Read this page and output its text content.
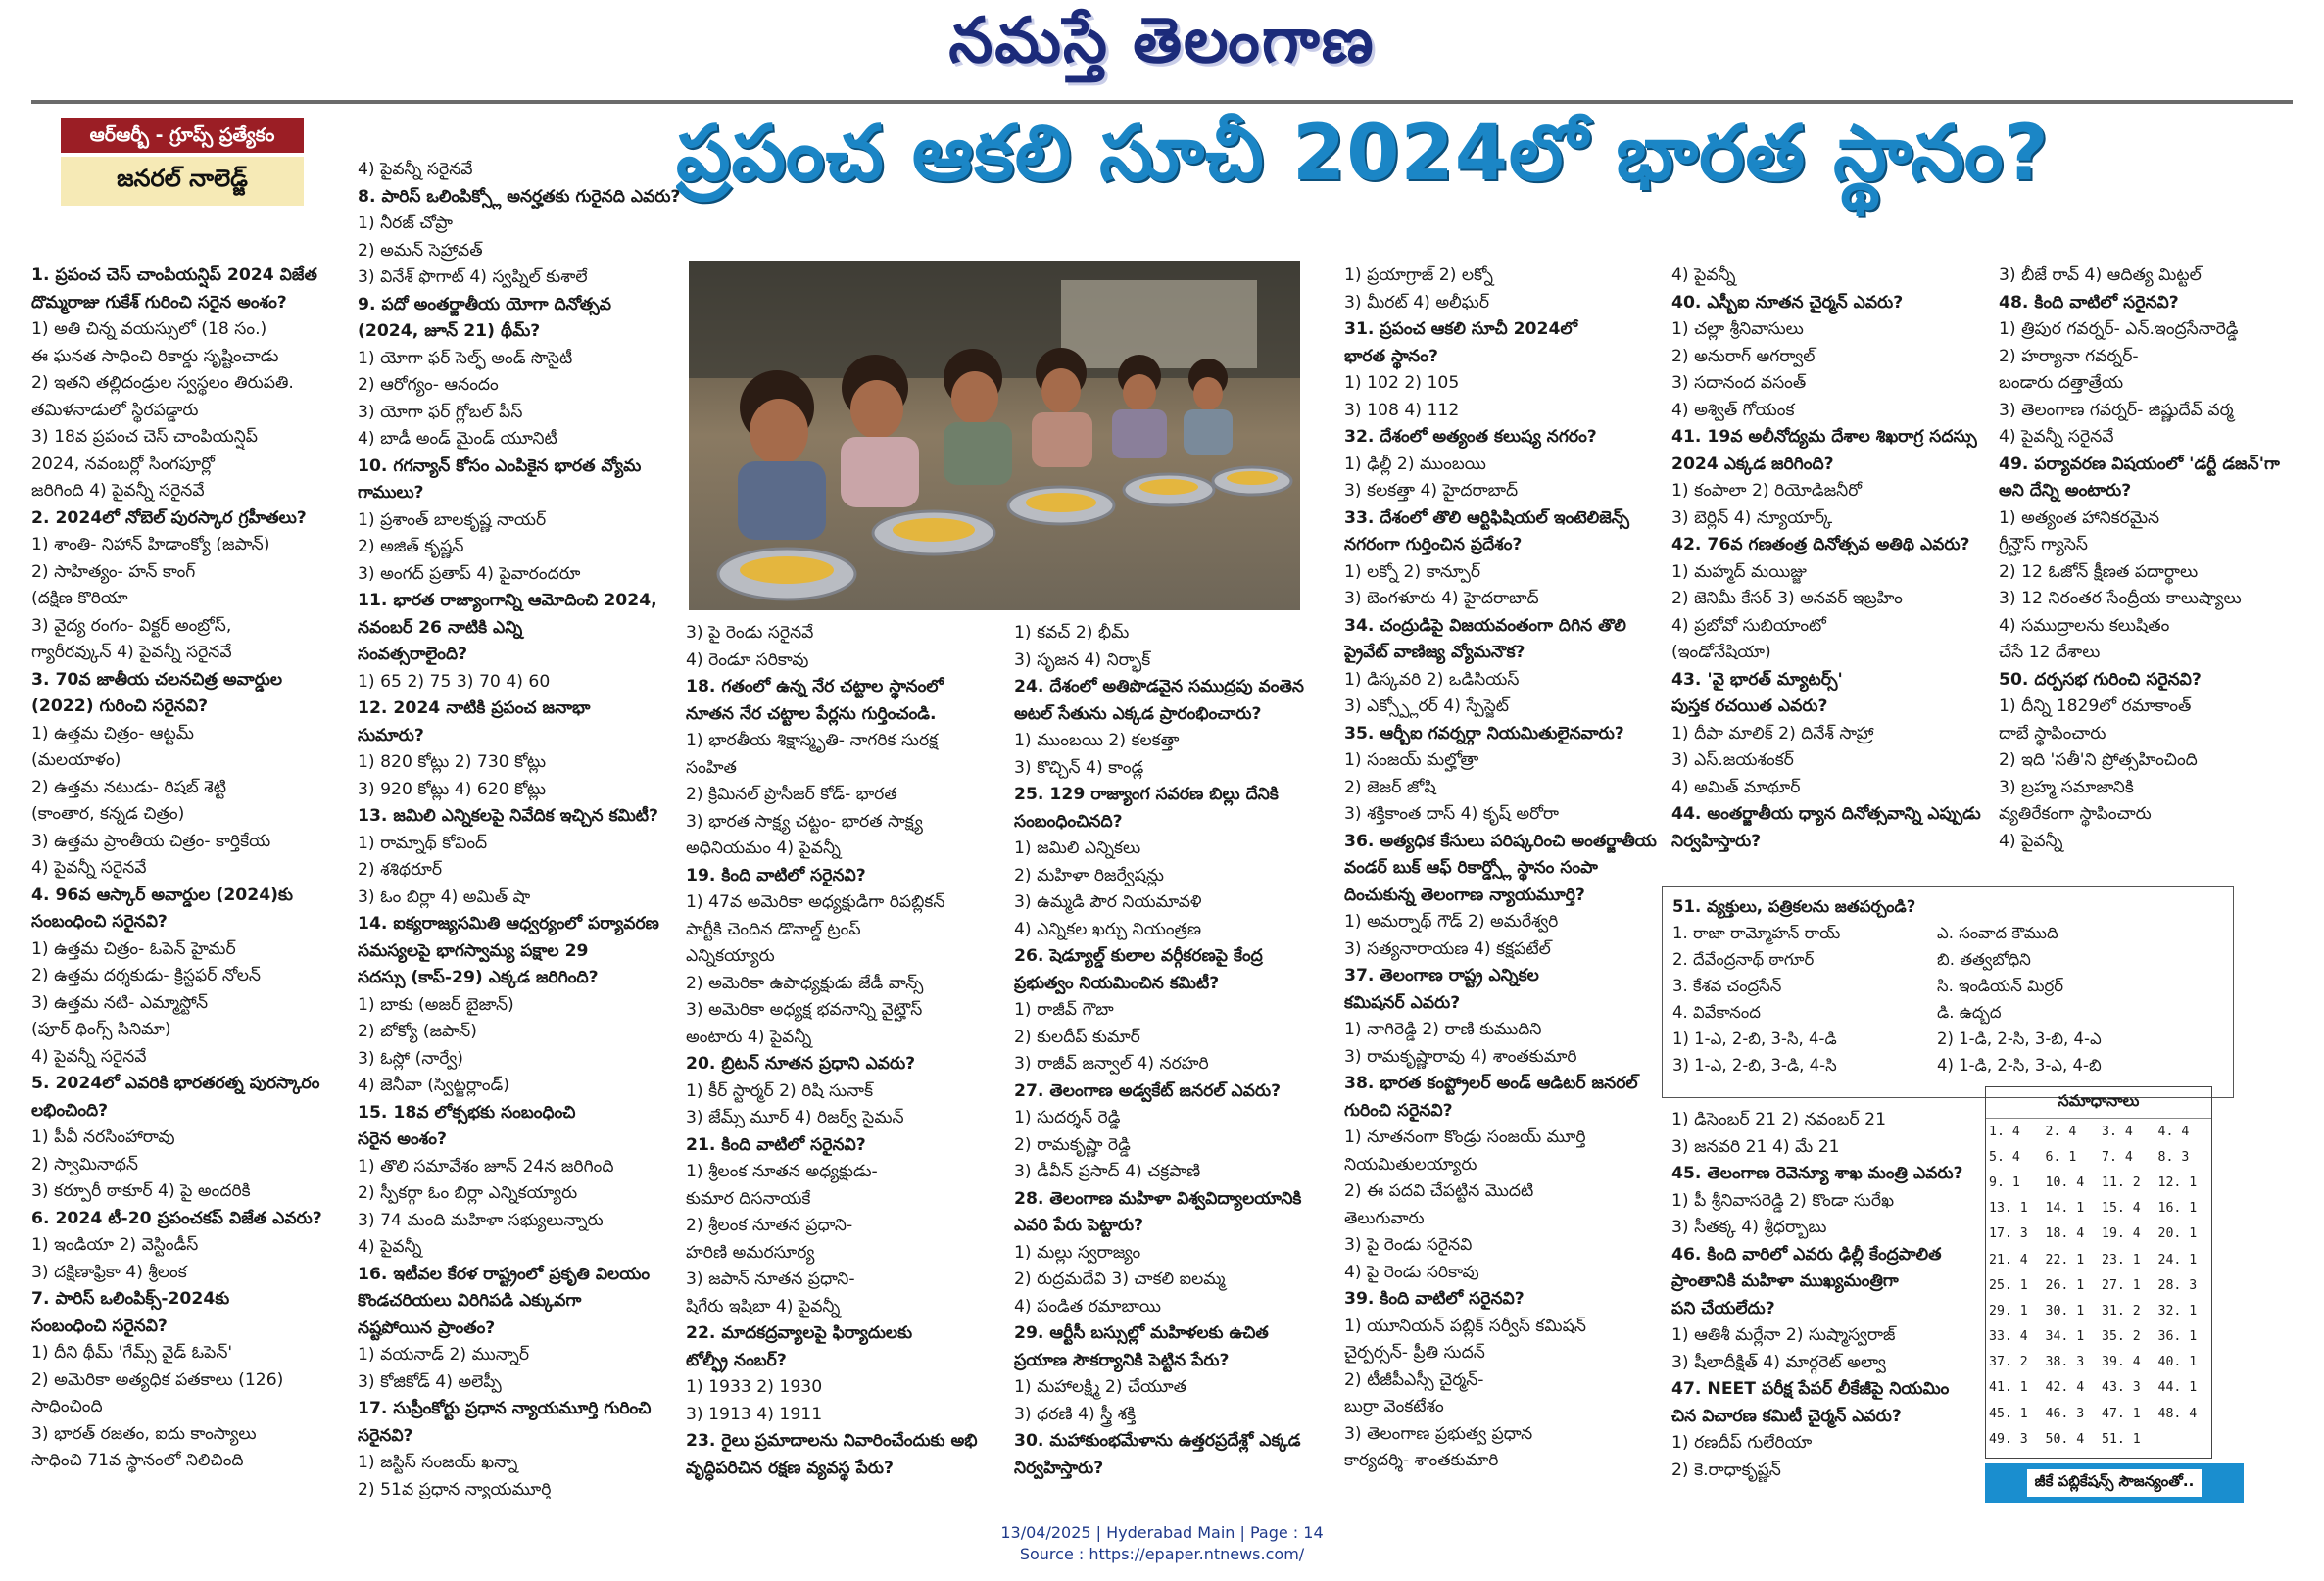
నమస్తే తెలంగాణ
ఆర్ఆర్బీ - గ్రూప్స్ ప్రత్యేకం
జనరల్ నాలెడ్జ్	ప్రపంచ ఆకలి సూచీ 2024లో భారత స్థానం?

1. ప్రపంచ చెస్ చాంపియన్షిప్ 2024 విజేత

దొమ్మరాజు గుకేశ్ గురించి సరైన అంశం?

1) అతి చిన్న వయస్సులో (18 సం.)

ఈ ఘనత సాధించి రికార్డు సృష్టించాడు

2) ఇతని తల్లిదండ్రుల స్వస్థలం తిరుపతి.

తమిళనాడులో స్థిరపడ్డారు

3) 18వ ప్రపంచ చెస్ చాంపియన్షిప్

2024, నవంబర్లో సింగపూర్లో

జరిగింది 4) పైవన్నీ సరైనవే

2. 2024లో నోబెల్ పురస్కార గ్రహీతలు?

1) శాంతి- నిహాన్ హిడాంక్యో (జపాన్)

2) సాహిత్యం- హన్ కాంగ్

(దక్షిణ కొరియా

3) వైద్య రంగం- విక్టర్ అంబ్రోస్,

గ్యారీరవ్కున్ 4) పైవన్నీ సరైనవే

3. 70వ జాతీయ చలనచిత్ర అవార్డుల

(2022) గురించి సరైనవి?

1) ఉత్తమ చిత్రం- ఆట్టమ్

(మలయాళం)

2) ఉత్తమ నటుడు- రిషబ్ శెట్టి

(కాంతార, కన్నడ చిత్రం)

3) ఉత్తమ ప్రాంతీయ చిత్రం- కార్తికేయ

4) పైవన్నీ సరైనవే

4. 96వ ఆస్కార్ అవార్డుల (2024)కు

సంబంధించి సరైనవి?

1) ఉత్తమ చిత్రం- ఓపెన్ హైమర్

2) ఉత్తమ దర్శకుడు- క్రిస్టఫర్ నోలన్

3) ఉత్తమ నటి- ఎమ్మాస్టోన్

(పూర్ థింగ్స్ సినిమా)

4) పైవన్నీ సరైనవే

5. 2024లో ఎవరికి భారతరత్న పురస్కారం

లభించింది?

1) పీవీ నరసింహారావు

2) స్వామినాథన్

3) కర్పూరీ ఠాకూర్ 4) పై అందరికి

6. 2024 టీ-20 ప్రపంచకప్ విజేత ఎవరు?

1) ఇండియా 2) వెస్టిండీస్

3) దక్షిణాఫ్రికా 4) శ్రీలంక

7. పారిస్ ఒలింపిక్స్-2024కు

సంబంధించి సరైనవి?

1) దీని థీమ్ 'గేమ్స్ వైడ్ ఓపెన్'

2) అమెరికా అత్యధిక పతకాలు (126)

సాధించింది

3) భారత్ రజతం, ఐదు కాంస్యాలు

సాధించి 71వ స్థానంలో నిలిచింది

4) పైవన్నీ సరైనవే

8. పారిస్ ఒలింపిక్స్లో అనర్హతకు గురైనది ఎవరు?

1) నీరజ్ చోప్రా

2) అమన్ సెహ్రావత్

3) వినేశ్ ఫొగాట్ 4) స్వప్నిల్ కుశాలే

9. పదో అంతర్జాతీయ యోగా దినోత్సవ

(2024, జూన్ 21) థీమ్?

1) యోగా ఫర్ సెల్ఫ్ అండ్ సొసైటీ

2) ఆరోగ్యం- ఆనందం

3) యోగా ఫర్ గ్లోబల్ పీస్

4) బాడీ అండ్ మైండ్ యూనిటీ

10. గగన్యాన్ కోసం ఎంపికైన భారత వ్యోమ

గాములు?

1) ప్రశాంత్ బాలకృష్ణ నాయర్

2) అజిత్ కృష్ణన్

3) అంగద్ ప్రతాప్ 4) పైవారందరూ

11. భారత రాజ్యాంగాన్ని ఆమోదించి 2024,

నవంబర్ 26 నాటికి ఎన్ని

సంవత్సరాలైంది?

1) 65 2) 75 3) 70 4) 60

12. 2024 నాటికి ప్రపంచ జనాభా

సుమారు?

1) 820 కోట్లు 2) 730 కోట్లు

3) 920 కోట్లు 4) 620 కోట్లు

13. జమిలి ఎన్నికలపై నివేదిక ఇచ్చిన కమిటీ?

1) రామ్నాథ్ కోవింద్

2) శశిథరూర్

3) ఓం బిర్లా 4) అమిత్ షా

14. ఐక్యరాజ్యసమితి ఆధ్వర్యంలో పర్యావరణ

సమస్యలపై భాగస్వామ్య పక్షాల 29

సదస్సు (కాప్-29) ఎక్కడ జరిగింది?

1) బాకు (అజర్ బైజాన్)

2) బోక్యో (జపాన్)

3) ఓస్లో (నార్వే)

4) జెనీవా (స్విట్జర్లాండ్)

15. 18వ లోక్సభకు సంబంధించి

సరైన అంశం?

1) తొలి సమావేశం జూన్ 24న జరిగింది

2) స్పీకర్గా ఓం బిర్లా ఎన్నికయ్యారు

3) 74 మంది మహిళా సభ్యులున్నారు

4) పైవన్నీ

16. ఇటీవల కేరళ రాష్ట్రంలో ప్రకృతి విలయం

కొండచరియలు విరిగిపడి ఎక్కువగా

నష్టపోయిన ప్రాంతం?

1) వయనాడ్ 2) మున్నార్

3) కోజికోడ్ 4) అలెప్పీ

17. సుప్రీంకోర్టు ప్రధాన న్యాయమూర్తి గురించి

సరైనవి?

1) జస్టిస్ సంజయ్ ఖన్నా

2) 51వ ప్రధాన న్యాయమూర్తి

3) పై రెండు సరైనవే

4) రెండూ సరికావు

18. గతంలో ఉన్న నేర చట్టాల స్థానంలో

నూతన నేర చట్టాల పేర్లను గుర్తించండి.

1) భారతీయ శిక్షాస్మృతి- నాగరిక సురక్ష

సంహిత

2) క్రిమినల్ ప్రొసీజర్ కోడ్- భారత

3) భారత సాక్ష్య చట్టం- భారత సాక్ష్య

అధినియమం 4) పైవన్నీ

19. కింది వాటిలో సరైనవి?

1) 47వ అమెరికా అధ్యక్షుడిగా రిపబ్లికన్

పార్టీకి చెందిన డొనాల్డ్ ట్రంప్

ఎన్నికయ్యారు

2) అమెరికా ఉపాధ్యక్షుడు జేడీ వాన్స్

3) అమెరికా అధ్యక్ష భవనాన్ని వైట్హౌస్

అంటారు 4) పైవన్నీ

20. బ్రిటన్ నూతన ప్రధాని ఎవరు?

1) కీర్ స్టార్మర్ 2) రిషి సునాక్

3) జేమ్స్ మూర్ 4) రిజర్వ్ సైమన్

21. కింది వాటిలో సరైనవి?

1) శ్రీలంక నూతన అధ్యక్షుడు-

కుమార దిసనాయకే

2) శ్రీలంక నూతన ప్రధాని-

హరిణి అమరసూర్య

3) జపాన్ నూతన ప్రధాని-

షిగేరు ఇషిబా 4) పైవన్నీ

22. మాదకద్రవ్యాలపై ఫిర్యాదులకు

టోల్ఫ్రీ నంబర్?

1) 1933 2) 1930

3) 1913 4) 1911

23. రైలు ప్రమాదాలను నివారించేందుకు అభి

వృద్ధిపరిచిన రక్షణ వ్యవస్థ పేరు?

1) కవచ్ 2) భీమ్

3) సృజన 4) నిర్భాక్

24. దేశంలో అతిపొడవైన సముద్రపు వంతెన

అటల్ సేతును ఎక్కడ ప్రారంభించారు?

1) ముంబయి 2) కలకత్తా

3) కొచ్చిన్ 4) కాండ్ల

25. 129 రాజ్యాంగ సవరణ బిల్లు దేనికి

సంబంధించినది?

1) జమిలి ఎన్నికలు

2) మహిళా రిజర్వేషన్లు

3) ఉమ్మడి పౌర నియమావళి

4) ఎన్నికల ఖర్చు నియంత్రణ

26. షెడ్యూల్డ్ కులాల వర్గీకరణపై కేంద్ర

ప్రభుత్వం నియమించిన కమిటీ?

1) రాజీవ్ గౌబా

2) కులదీప్ కుమార్

3) రాజీవ్ జన్వాల్ 4) నరహరి

27. తెలంగాణ అడ్వకేట్ జనరల్ ఎవరు?

1) సుదర్శన్ రెడ్డి

2) రామకృష్ణా రెడ్డి

3) డీవీన్ ప్రసాద్ 4) చక్రపాణి

28. తెలంగాణ మహిళా విశ్వవిద్యాలయానికి

ఎవరి పేరు పెట్టారు?

1) మల్లు స్వరాజ్యం

2) రుద్రమదేవి 3) చాకలి ఐలమ్మ

4) పండిత రమాబాయి

29. ఆర్టీసీ బస్సుల్లో మహిళలకు ఉచిత

ప్రయాణ సౌకర్యానికి పెట్టిన పేరు?

1) మహాలక్ష్మి 2) చేయూత

3) ధరణి 4) స్త్రీ శక్తి

30. మహాకుంభమేళాను ఉత్తరప్రదేశ్లో ఎక్కడ

నిర్వహిస్తారు?

1) ప్రయాగ్రాజ్ 2) లక్నో

3) మీరట్ 4) అలీఘర్

31. ప్రపంచ ఆకలి సూచీ 2024లో

భారత స్థానం?

1) 102 2) 105

3) 108 4) 112

32. దేశంలో అత్యంత కలుష్య నగరం?

1) ఢిల్లీ 2) ముంబయి

3) కలకత్తా 4) హైదరాబాద్

33. దేశంలో తొలి ఆర్టిఫిషియల్ ఇంటెలిజెన్స్

నగరంగా గుర్తించిన ప్రదేశం?

1) లక్నో 2) కాన్పూర్

3) బెంగళూరు 4) హైదరాబాద్

34. చంద్రుడిపై విజయవంతంగా దిగిన తొలి

ప్రైవేట్ వాణిజ్య వ్యోమనౌక?

1) డిస్కవరి 2) ఒడిసియస్

3) ఎక్స్ప్లోరర్ 4) స్పేస్జెట్

35. ఆర్బీఐ గవర్నర్గా నియమితులైనవారు?

1) సంజయ్ మల్హోత్రా

2) జెజర్ జోషి

3) శక్తికాంత దాస్ 4) కృష్ అరోరా

36. అత్యధిక కేసులు పరిష్కరించి అంతర్జాతీయ

వండర్ బుక్ ఆఫ్ రికార్డ్స్లో స్థానం సంపా

దించుకున్న తెలంగాణ న్యాయమూర్తి?

1) అమర్నాథ్ గౌడ్ 2) అమరేశ్వరి

3) సత్యనారాయణ 4) కక్షపటేల్

37. తెలంగాణ రాష్ట్ర ఎన్నికల

కమిషనర్ ఎవరు?

1) నాగిరెడ్డి 2) రాణి కుముదిని

3) రామకృష్ణారావు 4) శాంతకుమారి

38. భారత కంప్ట్రోలర్ అండ్ ఆడిటర్ జనరల్

గురించి సరైనవి?

1) నూతనంగా కొండ్రు సంజయ్ మూర్తి

నియమితులయ్యారు

2) ఈ పదవి చేపట్టిన మొదటి

తెలుగువారు

3) పై రెండు సరైనవి

4) పై రెండు సరికావు

39. కింది వాటిలో సరైనవి?

1) యూనియన్ పబ్లిక్ సర్వీస్ కమిషన్

చైర్పర్సన్- ప్రీతి సుదన్

2) టీజీపీఎస్సీ చైర్మన్-

బుర్రా వెంకటేశం

3) తెలంగాణ ప్రభుత్వ ప్రధాన

కార్యదర్శి- శాంతకుమారి

4) పైవన్నీ

40. ఎస్బీఐ నూతన చైర్మన్ ఎవరు?

1) చల్లా శ్రీనివాసులు

2) అనురాగ్ అగర్వాల్

3) సదానంద వసంత్

4) అశ్విత్ గోయంక

41. 19వ అలీనోద్యమ దేశాల శిఖరాగ్ర సదస్సు

2024 ఎక్కడ జరిగింది?

1) కంపాలా 2) రియోడిజనీరో

3) బెర్లిన్ 4) న్యూయార్క్

42. 76వ గణతంత్ర దినోత్సవ అతిథి ఎవరు?

1) మహ్మద్ మయిజ్జు

2) జెనిమీ కేసర్ 3) అనవర్ ఇబ్రహిం

4) ప్రబోవో సుబియాంటో

(ఇండోనేషియా)

43. 'వై భారత్ మ్యాటర్స్'

పుస్తక రచయిత ఎవరు?

1) దీపా మాలిక్ 2) దినేశ్ సాహ్రా

3) ఎస్.జయశంకర్

4) అమిత్ మాథూర్

44. అంతర్జాతీయ ధ్యాన దినోత్సవాన్ని ఎప్పుడు

నిర్వహిస్తారు?

1) డిసెంబర్ 21 2) నవంబర్ 21

3) జనవరి 21 4) మే 21

45. తెలంగాణ రెవెన్యూ శాఖ మంత్రి ఎవరు?

1) పీ శ్రీనివాసరెడ్డి 2) కొండా సురేఖ

3) సీతక్క 4) శ్రీధర్బాబు

46. కింది వారిలో ఎవరు ఢిల్లీ కేంద్రపాలిత

ప్రాంతానికి మహిళా ముఖ్యమంత్రిగా

పని చేయలేదు?

1) ఆతిశీ మర్లేనా 2) సుష్మాస్వరాజ్

3) షీలాదీక్షిత్ 4) మార్గరెట్ అల్వా

47. NEET పరీక్ష పేపర్ లీకేజీపై నియమిం

చిన విచారణ కమిటీ చైర్మన్ ఎవరు?

1) రణదీప్ గులేరియా

2) కె.రాధాకృష్ణన్

3) బీజే రావ్ 4) ఆదిత్య మిట్టల్

48. కింది వాటిలో సరైనవి?

1) త్రిపుర గవర్నర్- ఎన్.ఇంద్రసేనారెడ్డి

2) హర్యానా గవర్నర్-

బండారు దత్తాత్రేయ

3) తెలంగాణ గవర్నర్- జిష్ణుదేవ్ వర్మ

4) పైవన్నీ సరైనవే

49. పర్యావరణ విషయంలో 'డర్టీ డజన్'గా

అని దేన్ని అంటారు?

1) అత్యంత హానికరమైన

గ్రీన్హౌస్ గ్యాసెస్

2) 12 ఓజోన్ క్షీణత పదార్థాలు

3) 12 నిరంతర సేంద్రీయ కాలుష్యాలు

4) సముద్రాలను కలుషితం

చేసే 12 దేశాలు

50. దర్పసభ గురించి సరైనవి?

1) దీన్ని 1829లో రమాకాంత్

దాబే స్థాపించారు

2) ఇది 'సతీ'ని ప్రోత్సహించింది

3) బ్రహ్మ సమాజానికి

వ్యతిరేకంగా స్థాపించారు

4) పైవన్నీ

51. వ్యక్తులు, పత్రికలను జతపర్చండి?

1. రాజా రామ్మోహన్ రాయ్	ఎ. సంవాద కౌముది
2. దేవేంద్రనాథ్ ఠాగూర్	బి. తత్వబోధిని
3. కేశవ చంద్రసేన్	సి. ఇండియన్ మిర్రర్
4. వివేకానంద	డి. ఉద్బద
1) 1-ఎ, 2-బి, 3-సి, 4-డి	2) 1-డి, 2-సి, 3-బి, 4-ఎ
3) 1-ఎ, 2-బి, 3-డి, 4-సి	4) 1-డి, 2-సి, 3-ఎ, 4-బి
సమాధానాలు
1. 4	2. 4	3. 4	4. 4
5. 4	6. 1	7. 4	8. 3
9. 1	10. 4	11. 2	12. 1
13. 1	14. 1	15. 4	16. 1
17. 3	18. 4	19. 4	20. 1
21. 4	22. 1	23. 1	24. 1
25. 1	26. 1	27. 1	28. 3
29. 1	30. 1	31. 2	32. 1
33. 4	34. 1	35. 2	36. 1
37. 2	38. 3	39. 4	40. 1
41. 1	42. 4	43. 3	44. 1
45. 1	46. 3	47. 1	48. 4
49. 3	50. 4	51. 1	
జీకే పబ్లికేషన్స్ సౌజన్యంతో..
13/04/2025 | Hyderabad Main | Page : 14
Source : https://epaper.ntnews.com/
